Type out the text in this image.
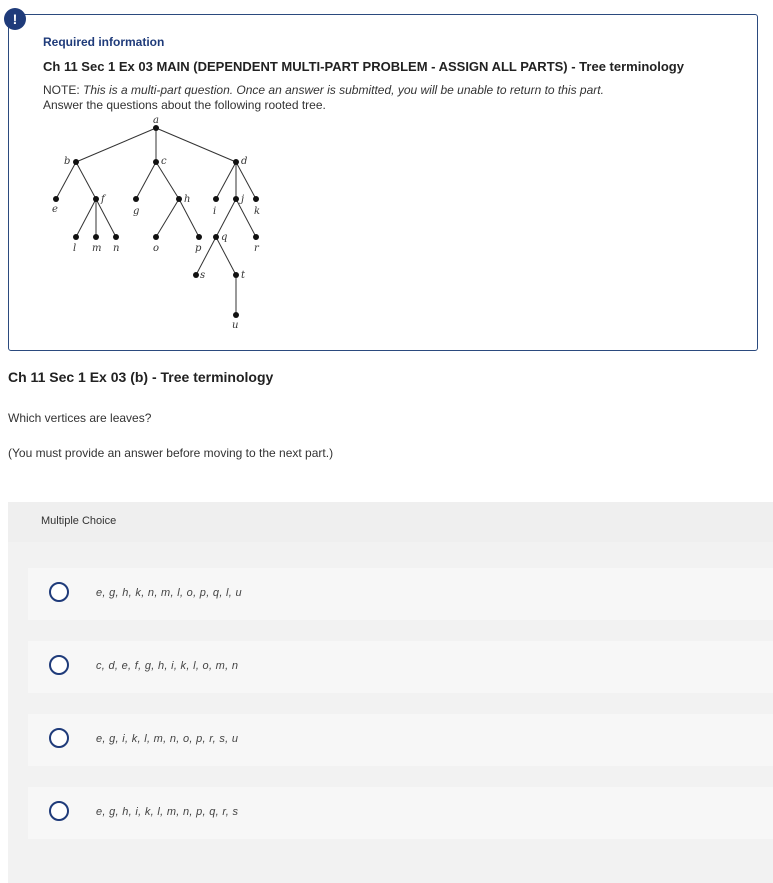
!
Required information
Ch 11 Sec 1 Ex 03 MAIN (DEPENDENT MULTI-PART PROBLEM - ASSIGN ALL PARTS) - Tree terminology
NOTE: This is a multi-part question. Once an answer is submitted, you will be unable to return to this part.
Answer the questions about the following rooted tree.
a
b	c	d
e
f
g
h
i
j
k
l m n	o	p
q
r
s	t
u
Ch 11 Sec 1 Ex 03 (b) - Tree terminology
Which vertices are leaves?
(You must provide an answer before moving to the next part.)
Multiple Choice
e, g, h, k, n, m, l, o, p, q, l, u
c, d, e, f, g, h, i, k, l, o, m, n
e, g, i, k, l, m, n, o, p, r, s, u
e, g, h, i, k, l, m, n, p, q, r, s
